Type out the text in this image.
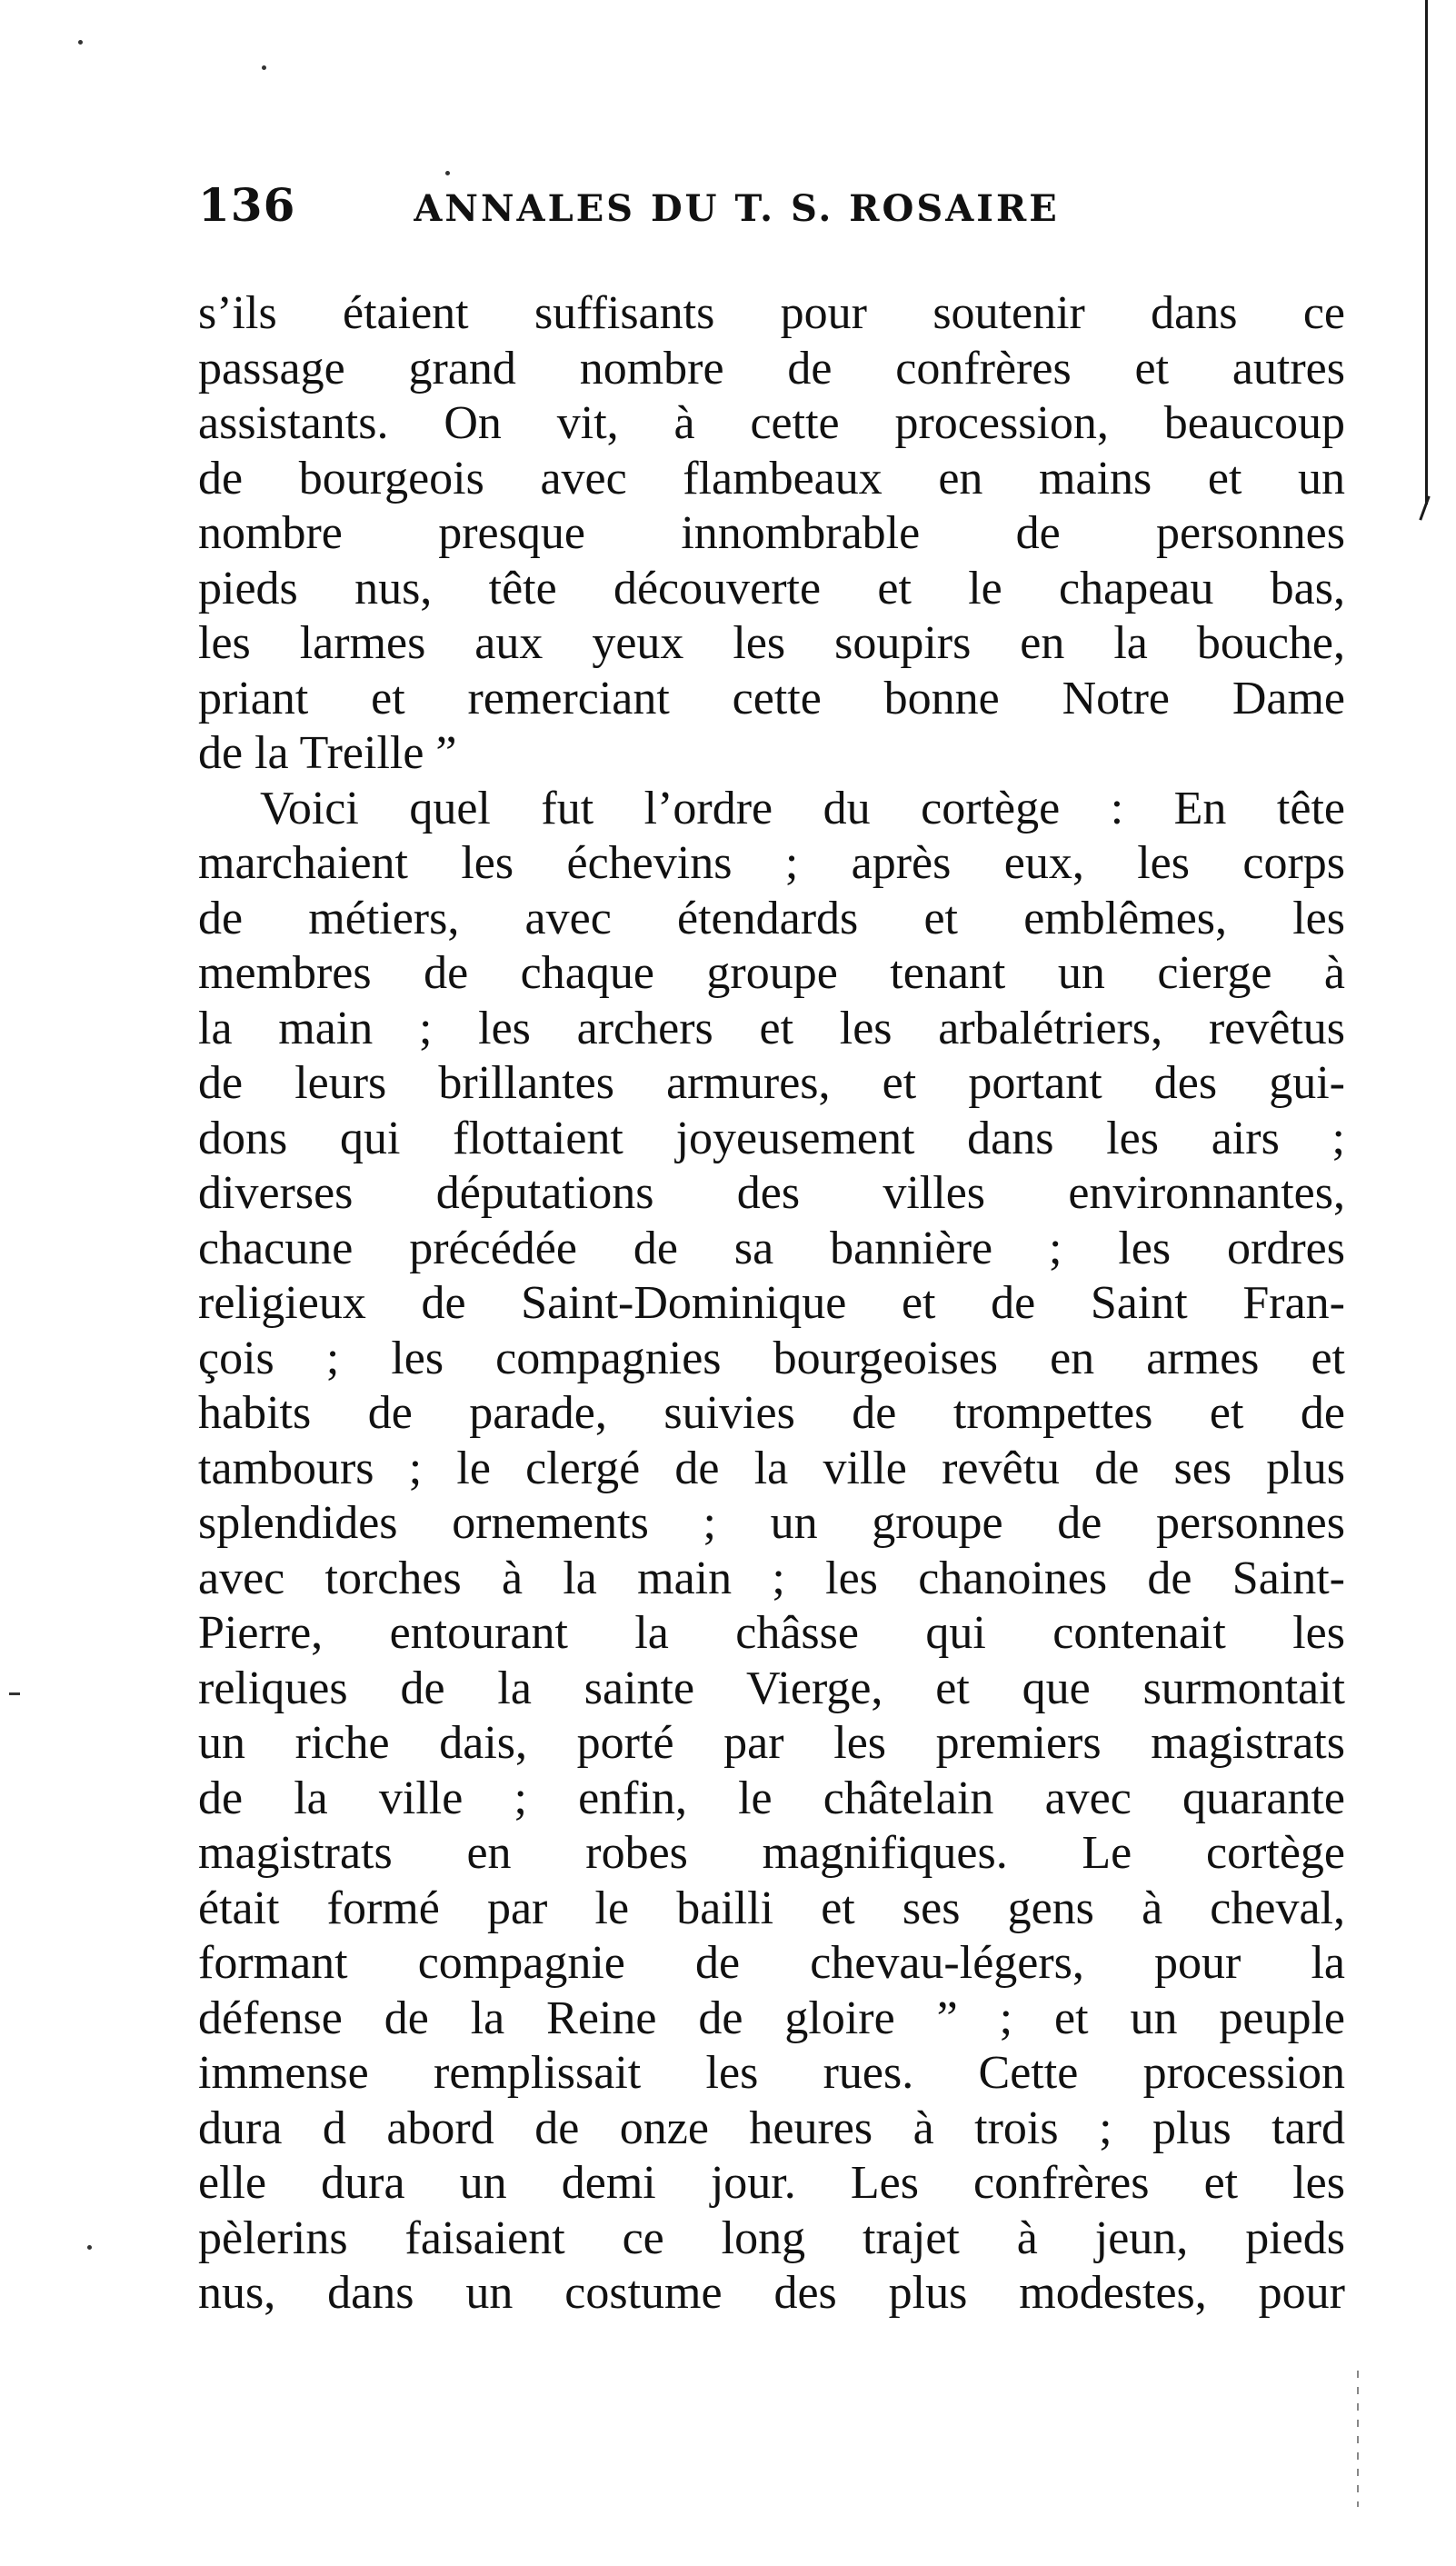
136	ANNALES DU T. S. ROSAIRE
s’ils étaient suffisants pour soutenir dans ce
passage grand nombre de confrères et autres
assistants. On vit, à cette procession, beaucoup
de bourgeois avec flambeaux en mains et un
nombre presque innombrable de personnes
pieds nus, tête découverte et le chapeau bas,
les larmes aux yeux les soupirs en la bouche,
priant et remerciant cette bonne Notre Dame
de la Treille ”
Voici quel fut l’ordre du cortège : En tête
marchaient les échevins ; après eux, les corps
de métiers, avec étendards et emblêmes, les
membres de chaque groupe tenant un cierge à
la main ; les archers et les arbalétriers, revêtus
de leurs brillantes armures, et portant des gui-
dons qui flottaient joyeusement dans les airs ;
diverses députations des villes environnantes,
chacune précédée de sa bannière ; les ordres
religieux de Saint-Dominique et de Saint Fran-
çois ; les compagnies bourgeoises en armes et
habits de parade, suivies de trompettes et de
tambours ; le clergé de la ville revêtu de ses plus
splendides ornements ; un groupe de personnes
avec torches à la main ; les chanoines de Saint-
Pierre, entourant la châsse qui contenait les
reliques de la sainte Vierge, et que surmontait
un riche dais, porté par les premiers magistrats
de la ville ; enfin, le châtelain avec quarante
magistrats en robes magnifiques. Le cortège
était formé par le bailli et ses gens à cheval,
formant compagnie de chevau-légers, pour la
défense de la Reine de gloire ” ; et un peuple
immense remplissait les rues. Cette procession
dura d abord de onze heures à trois ; plus tard
elle dura un demi jour. Les confrères et les
pèlerins faisaient ce long trajet à jeun, pieds
nus, dans un costume des plus modestes, pour
